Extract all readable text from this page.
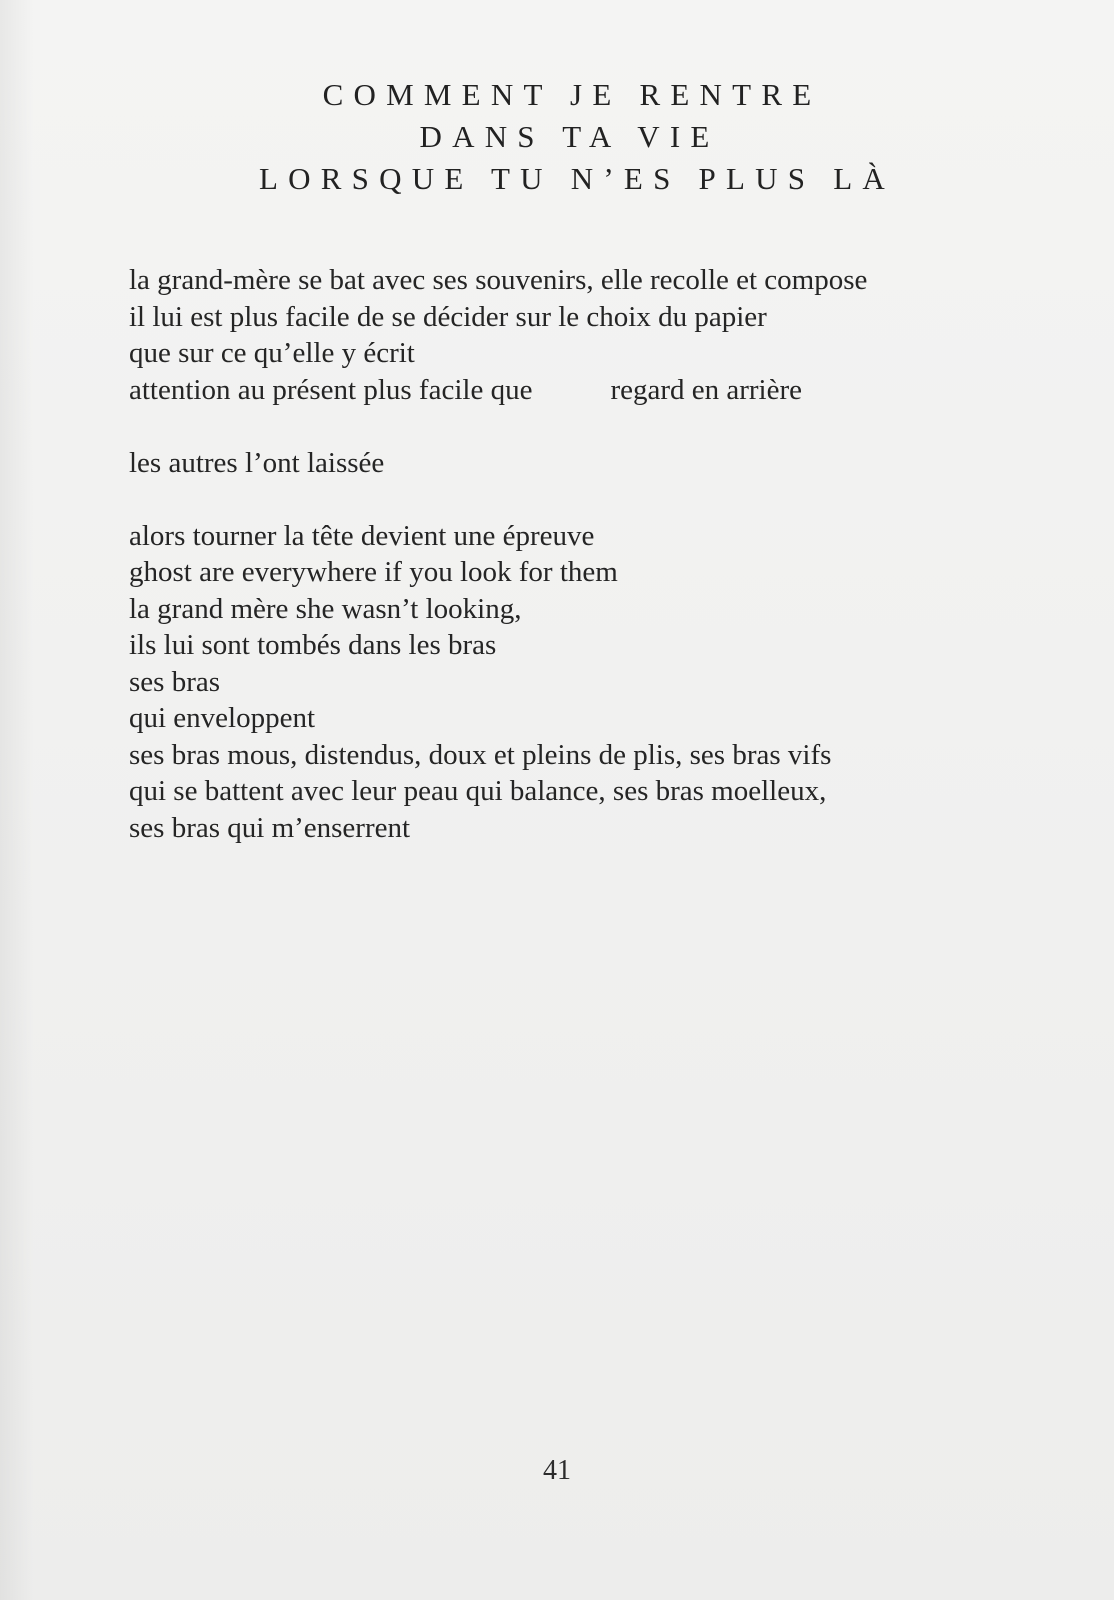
COMMENT JE RENTRE
DANS TA VIE
LORSQUE TU N’ES PLUS LÀ
la grand-mère se bat avec ses souvenirs, elle recolle et compose
il lui est plus facile de se décider sur le choix du papier
que sur ce qu’elle y écrit
attention au présent plus facile que	regard en arrière
les autres l’ont laissée
alors tourner la tête devient une épreuve
ghost are everywhere if you look for them
la grand mère she wasn’t looking,
ils lui sont tombés dans les bras
ses bras
qui enveloppent
ses bras mous, distendus, doux et pleins de plis, ses bras vifs
qui se battent avec leur peau qui balance, ses bras moelleux,
ses bras qui m’enserrent
41
